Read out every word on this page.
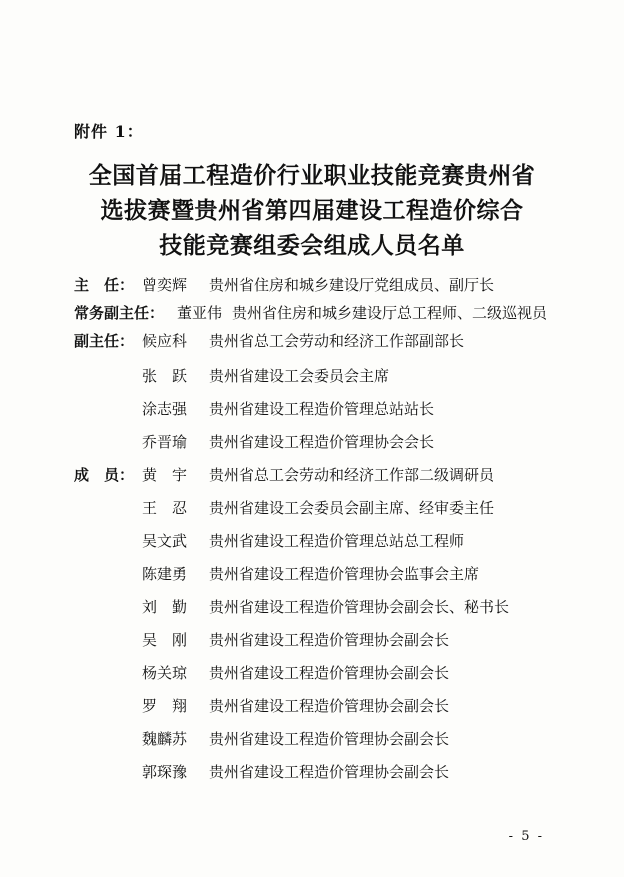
附件 1：
全国首届工程造价行业职业技能竞赛贵州省
选拔赛暨贵州省第四届建设工程造价综合
技能竞赛组委会组成人员名单
主　任： 曾奕辉 贵州省住房和城乡建设厅党组成员、副厅长
常务副主任： 董亚伟 贵州省住房和城乡建设厅总工程师、二级巡视员
副主任： 候应科 贵州省总工会劳动和经济工作部副部长
张　跃 贵州省建设工会委员会主席
涂志强 贵州省建设工程造价管理总站站长
乔晋瑜 贵州省建设工程造价管理协会会长
成　员： 黄　宇 贵州省总工会劳动和经济工作部二级调研员
王　忍 贵州省建设工会委员会副主席、经审委主任
吴文武 贵州省建设工程造价管理总站总工程师
陈建勇 贵州省建设工程造价管理协会监事会主席
刘　勤 贵州省建设工程造价管理协会副会长、秘书长
吴　刚 贵州省建设工程造价管理协会副会长
杨关琼 贵州省建设工程造价管理协会副会长
罗　翔 贵州省建设工程造价管理协会副会长
魏麟苏 贵州省建设工程造价管理协会副会长
郭琛豫 贵州省建设工程造价管理协会副会长
- 5 -
